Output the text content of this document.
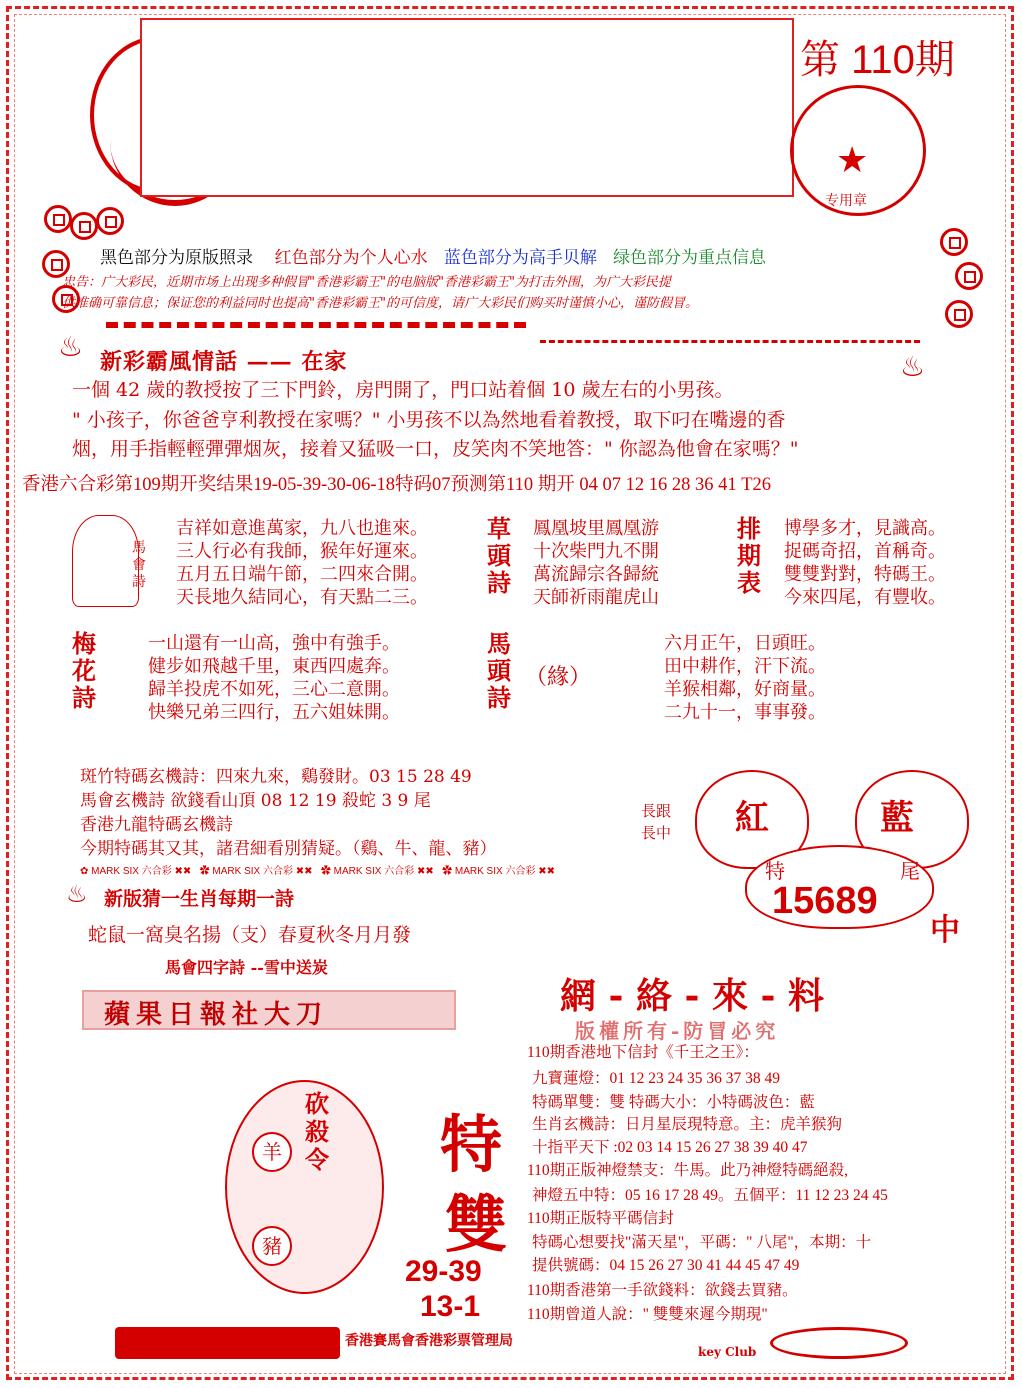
第 110期
★
专用章
黑色部分为原版照录 红色部分为个人心水 蓝色部分为高手贝解 绿色部分为重点信息
忠告：广大彩民，近期市场上出现多种假冒"香港彩霸王"的电脑版"香港彩霸王"为打击外围，为广大彩民提
供准确可靠信息；保证您的利益同时也提高"香港彩霸王"的可信度，请广大彩民们购买时谨慎小心，谨防假冒。
♨ 新彩霸風情話 —— 在家	♨
一個 42 歲的教授按了三下門鈴，房門開了，門口站着個 10 歲左右的小男孩。
" 小孩子，你爸爸亨利教授在家嗎？" 小男孩不以為然地看着教授，取下叼在嘴邊的香
烟，用手指輕輕彈彈烟灰，接着又猛吸一口，皮笑肉不笑地答：" 你認為他會在家嗎？"
香港六合彩第109期开奖结果19-05-39-30-06-18特码07预测第110 期开 04 07 12 16 28 36 41 T26
馬會詩
吉祥如意進萬家，九八也進來。
三人行必有我師，猴年好運來。
五月五日端午節，二四來合開。
天長地久結同心，有天點二三。
草頭詩
鳳凰坡里鳳凰游
十次柴門九不開
萬流歸宗各歸統
天師祈雨龍虎山
排期表
博學多才，見識高。
捉碼奇招，首稱奇。
雙雙對對，特碼王。
今來四尾，有豐收。
梅花詩
一山還有一山高，強中有強手。
健步如飛越千里，東西四處奔。
歸羊投虎不如死，三心二意開。
快樂兄弟三四行，五六姐妹開。
馬頭詩
（緣）
六月正午，日頭旺。
田中耕作，汗下流。
羊猴相鄰，好商量。
二九十一，事事發。
斑竹特碼玄機詩：四來九來，鷄發財。03 15 28 49
馬會玄機詩 欲錢看山頂 08 12 19 殺蛇 3 9 尾
香港九龍特碼玄機詩
今期特碼其又其，諸君細看別猜疑。（鷄、牛、龍、豬）
✿ MARK SIX 六合彩 ✖✖ ✿ MARK SIX 六合彩 ✖✖ ✿ MARK SIX 六合彩 ✖✖ ✿ MARK SIX 六合彩 ✖✖
♨ 新版猜一生肖每期一詩
蛇鼠一窩臭名揚（支）春夏秋冬月月發
馬會四字詩 --雪中送炭
蘋果日報社大刀
長跟
長中 紅	藍
特	尾
15689
中
網 - 絡 - 來 - 料
版權所有-防冒必究
110期香港地下信封《千王之王》：
九寶蓮燈：01 12 23 24 35 36 37 38 49
特碼單雙：雙 特碼大小：小特碼波色：藍
生肖玄機詩：日月星辰現特意。主：虎羊猴狗
十指平天下 :02 03 14 15 26 27 38 39 40 47
110期正版神燈禁支：牛馬。此乃神燈特碼絕殺,
神燈五中特：05 16 17 28 49。五個平：11 12 23 24 45
110期正版特平碼信封
特碼心想要找"滿天星"，平碼：" 八尾"，本期：十
提供號碼：04 15 26 27 30 41 44 45 47 49
110期香港第一手欲錢料：欲錢去買豬。
110期曾道人說：" 雙雙來遲今期現"
砍殺令
羊
豬
特
雙
29-39
13-1
香港賽馬會香港彩票管理局
The H	key Club
